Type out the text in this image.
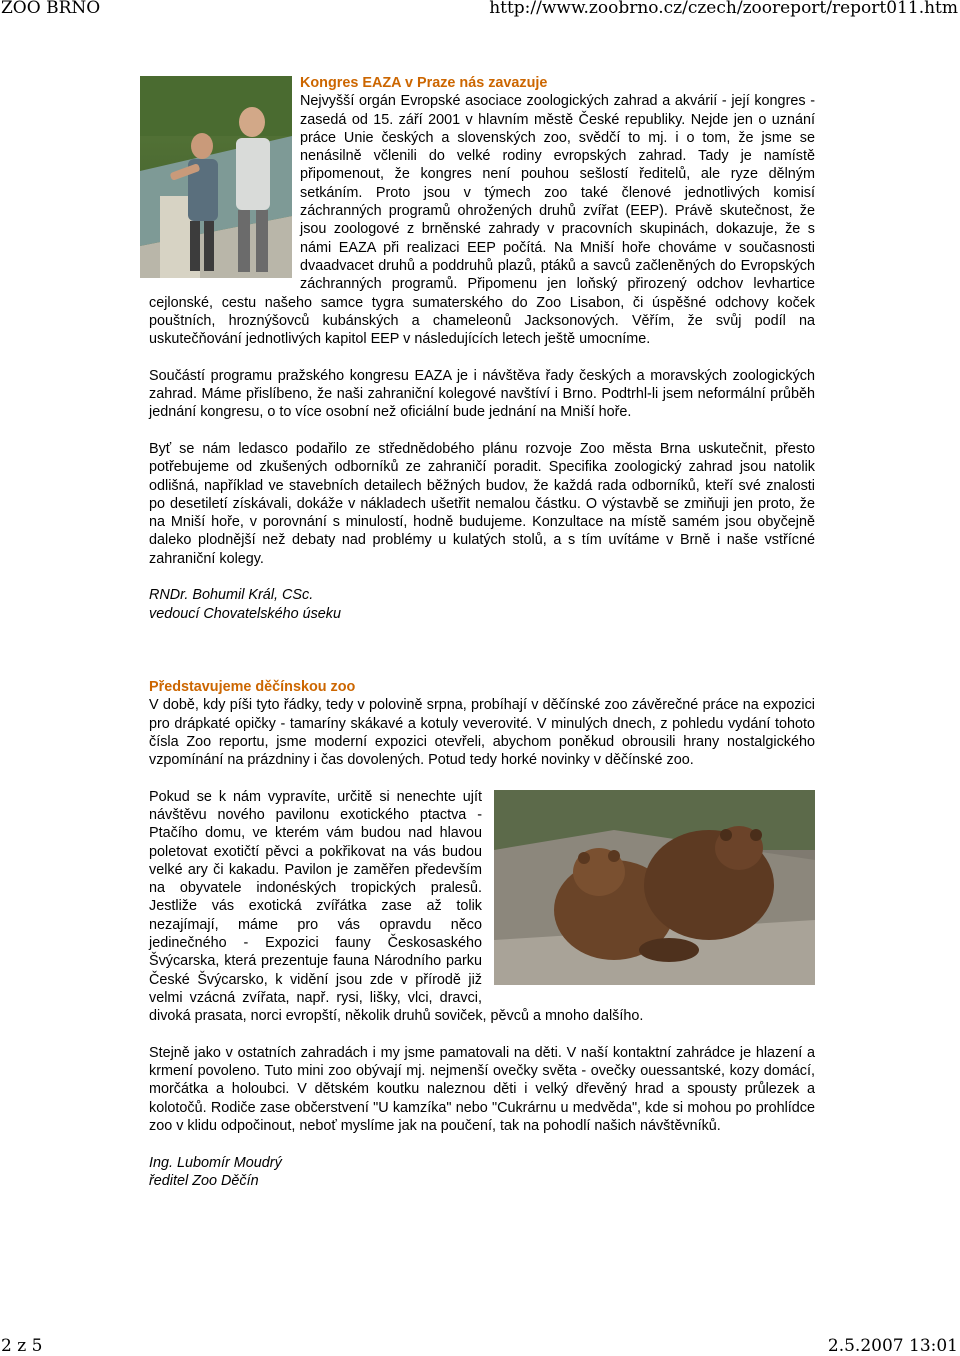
ZOO BRNO	http://www.zoobrno.cz/czech/zooreport/report011.htm

Kongres EAZA v Praze nás zavazuje

Nejvyšší orgán Evropské asociace zoologických zahrad a akvárií - její kongres - zasedá od 15. září 2001 v hlavním městě České republiky. Nejde jen o uznání práce Unie českých a slovenských zoo, svědčí to mj. i o tom, že jsme se nenásilně včlenili do velké rodiny evropských zahrad. Tady je namístě připomenout, že kongres není pouhou sešlostí ředitelů, ale ryze dělným setkáním. Proto jsou v týmech zoo také členové jednotlivých komisí záchranných programů ohrožených druhů zvířat (EEP). Právě skutečnost, že jsou zoologové z brněnské zahrady v pracovních skupinách, dokazuje, že s námi EAZA při realizaci EEP počítá. Na Mniší hoře chováme v současnosti dvaadvacet druhů a poddruhů plazů, ptáků a savců začleněných do Evropských záchranných programů. Připomenu jen loňský přirozený odchov levhartice cejlonské, cestu našeho samce tygra sumaterského do Zoo Lisabon, či úspěšné odchovy koček pouštních, hroznýšovců kubánských a chameleonů Jacksonových. Věřím, že svůj podíl na uskutečňování jednotlivých kapitol EEP v následujících letech ještě umocníme.

Součástí programu pražského kongresu EAZA je i návštěva řady českých a moravských zoologických zahrad. Máme přislíbeno, že naši zahraniční kolegové navštíví i Brno. Podtrhl-li jsem neformální průběh jednání kongresu, o to více osobní než oficiální bude jednání na Mniší hoře.

Byť se nám ledasco podařilo ze střednědobého plánu rozvoje Zoo města Brna uskutečnit, přesto potřebujeme od zkušených odborníků ze zahraničí poradit. Specifika zoologický zahrad jsou natolik odlišná, například ve stavebních detailech běžných budov, že každá rada odborníků, kteří své znalosti po desetiletí získávali, dokáže v nákladech ušetřit nemalou částku. O výstavbě se zmiňuji jen proto, že na Mniší hoře, v porovnání s minulostí, hodně budujeme. Konzultace na místě samém jsou obyčejně daleko plodnější než debaty nad problémy u kulatých stolů, a s tím uvítáme v Brně i naše vstřícné zahraniční kolegy.

RNDr. Bohumil Král, CSc.

vedoucí Chovatelského úseku

Představujeme děčínskou zoo

V době, kdy píši tyto řádky, tedy v polovině srpna, probíhají v děčínské zoo závěrečné práce na expozici pro drápkaté opičky - tamaríny skákavé a kotuly veverovité. V minulých dnech, z pohledu vydání tohoto čísla Zoo reportu, jsme moderní expozici otevřeli, abychom poněkud obrousili hrany nostalgického vzpomínání na prázdniny i čas dovolených. Potud tedy horké novinky v děčínské zoo.

Pokud se k nám vypravíte, určitě si nenechte ujít návštěvu nového pavilonu exotického ptactva - Ptačího domu, ve kterém vám budou nad hlavou poletovat exotičtí pěvci a pokřikovat na vás budou velké ary či kakadu. Pavilon je zaměřen především na obyvatele indonéských tropických pralesů. Jestliže vás exotická zvířátka zase až tolik nezajímají, máme pro vás opravdu něco jedinečného - Expozici fauny Českosaského Švýcarska, která prezentuje fauna Národního parku České Švýcarsko, k vidění jsou zde v přírodě již velmi vzácná zvířata, např. rysi, lišky, vlci, dravci, divoká prasata, norci evropští, několik druhů soviček, pěvců a mnoho dalšího.

Stejně jako v ostatních zahradách i my jsme pamatovali na děti. V naší kontaktní zahrádce je hlazení a krmení povoleno. Tuto mini zoo obývají mj. nejmenší ovečky světa - ovečky ouessantské, kozy domácí, morčátka a holoubci. V dětském koutku naleznou děti i velký dřevěný hrad a spousty průlezek a kolotočů. Rodiče zase občerstvení "U kamzíka" nebo "Cukrárnu u medvěda", kde si mohou po prohlídce zoo v klidu odpočinout, neboť myslíme jak na poučení, tak na pohodlí našich návštěvníků.

Ing. Lubomír Moudrý

ředitel Zoo Děčín

2 z 5	2.5.2007 13:01
